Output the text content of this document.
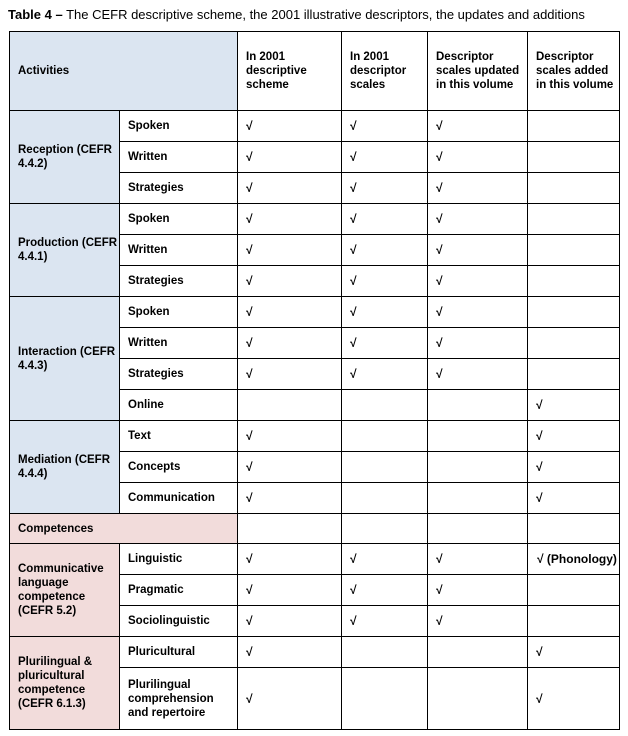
Table 4 – The CEFR descriptive scheme, the 2001 illustrative descriptors, the updates and additions
Activities		In 2001 descriptive scheme	In 2001 descriptor scales	Descriptor scales updated in this volume	Descriptor scales added in this volume
Reception (CEFR 4.4.2)	Spoken	√	√	√	
	Written	√	√	√	
	Strategies	√	√	√	
Production (CEFR 4.4.1)	Spoken	√	√	√	
	Written	√	√	√	
	Strategies	√	√	√	
Interaction (CEFR 4.4.3)	Spoken	√	√	√	
	Written	√	√	√	
	Strategies	√	√	√	
	Online				√
Mediation (CEFR 4.4.4)	Text	√			√
	Concepts	√			√
	Communication	√			√
Competences					
Communicative language competence (CEFR 5.2)	Linguistic	√	√	√	√ (Phonology)
	Pragmatic	√	√	√	
	Sociolinguistic	√	√	√	
Plurilingual & pluricultural competence (CEFR 6.1.3)	Pluricultural	√			√
	Plurilingual comprehension and repertoire	√			√
